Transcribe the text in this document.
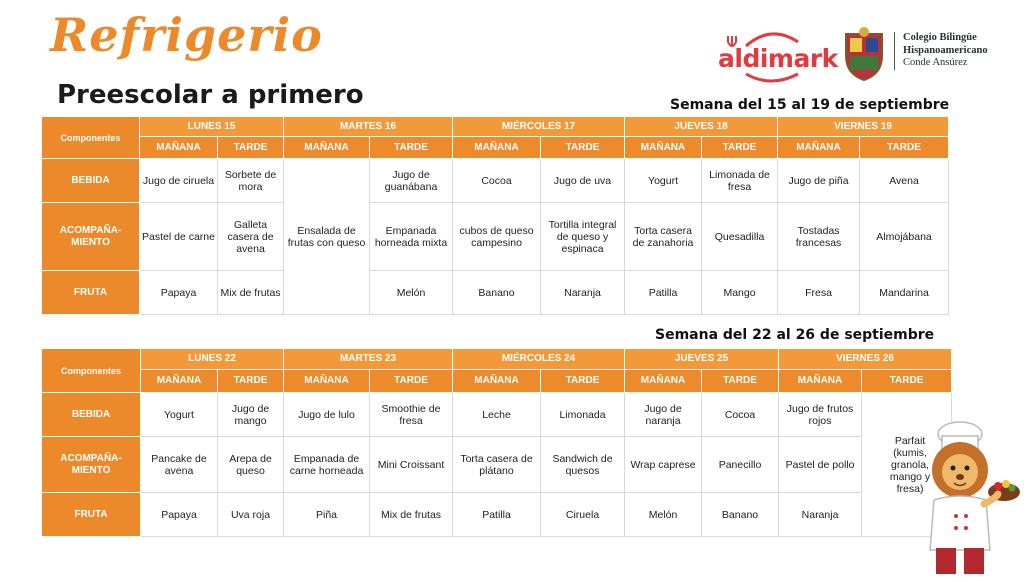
Refrigerio
Preescolar a primero
aldimark
Colegio Bilingüe
Hispanoamericano
Conde Ansúrez
Semana del 15 al 19 de septiembre
Componentes	LUNES 15		MARTES 16		MIÉRCOLES 17		JUEVES 18		VIERNES 19	
	MAÑANA	TARDE	MAÑANA	TARDE	MAÑANA	TARDE	MAÑANA	TARDE	MAÑANA	TARDE
BEBIDA	Jugo de ciruela	Sorbete de mora	Ensalada de frutas con queso	Jugo de guanábana	Cocoa	Jugo de uva	Yogurt	Limonada de fresa	Jugo de piña	Avena

ACOMPAÑA-
MIENTO	Pastel de carne	Galleta casera de avena		Empanada horneada mixta	cubos de queso campesino	Tortilla integral de queso y espinaca	Torta casera de zanahoria	Quesadilla	Tostadas francesas	Almojábana
FRUTA	Papaya	Mix de frutas		Melón	Banano	Naranja	Patilla	Mango	Fresa	Mandarina
Semana del 22 al 26 de septiembre
Componentes	LUNES 22		MARTES 23		MIÉRCOLES 24		JUEVES 25		VIERNES 26	
	MAÑANA	TARDE	MAÑANA	TARDE	MAÑANA	TARDE	MAÑANA	TARDE	MAÑANA	TARDE
BEBIDA	Yogurt	Jugo de mango	Jugo de lulo	Smoothie de fresa	Leche	Limonada	Jugo de naranja	Cocoa	Jugo de frutos rojos	Parfait (kumis, granola, mango y fresa)

ACOMPAÑA-
MIENTO	Pancake de avena	Arepa de queso	Empanada de carne horneada	Mini Croissant	Torta casera de plátano	Sandwich de quesos	Wrap caprese	Panecillo	Pastel de pollo	
FRUTA	Papaya	Uva roja	Piña	Mix de frutas	Patilla	Ciruela	Melón	Banano	Naranja	
